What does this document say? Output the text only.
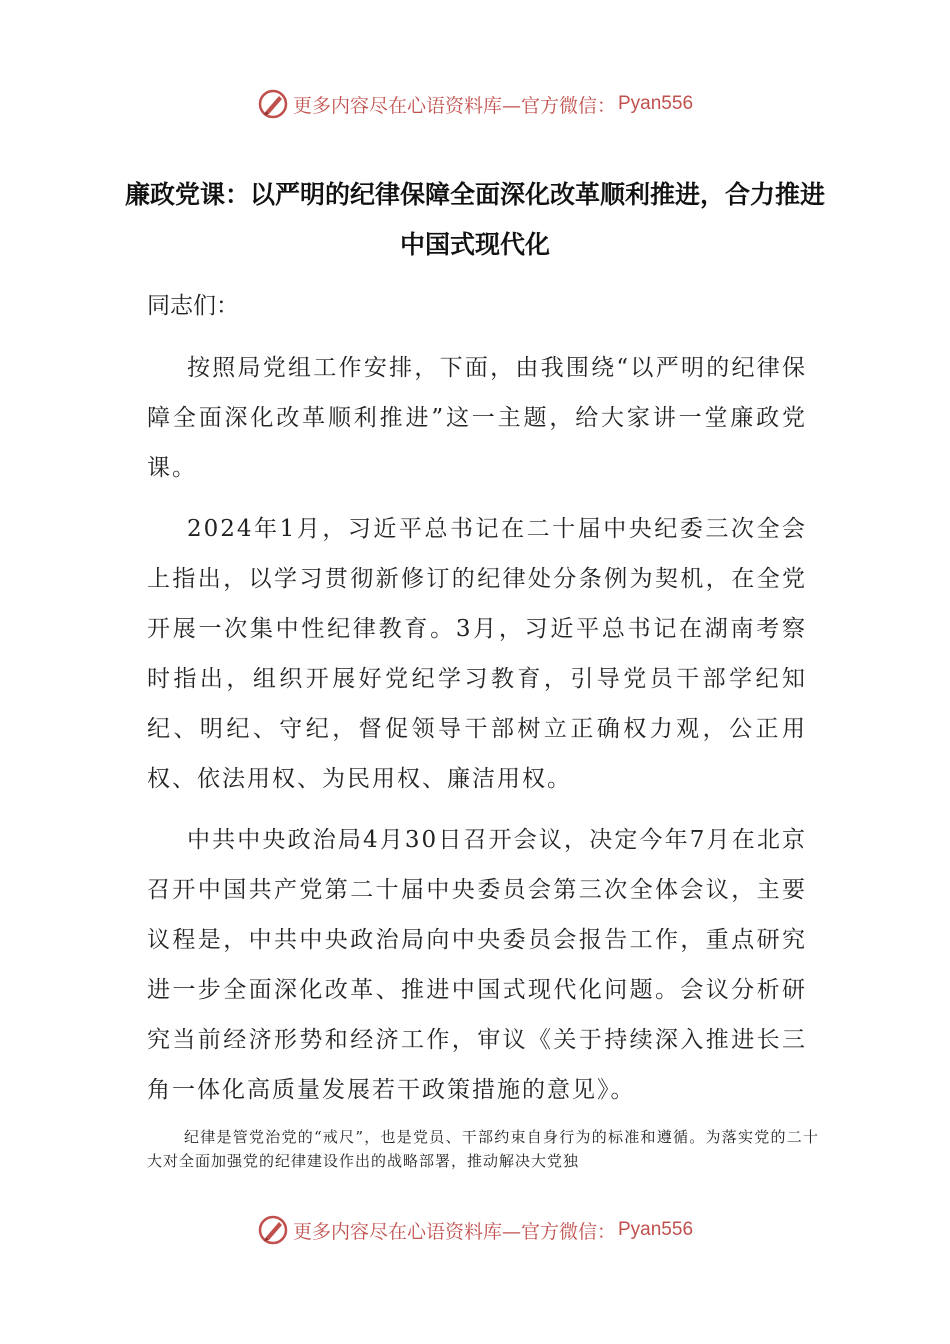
更多内容尽在心语资料库—官方微信： Pyan556
廉政党课：以严明的纪律保障全面深化改革顺利推进，合力推进中国式现代化
同志们：
按照局党组工作安排，下面，由我围绕“以严明的纪律保障全面深化改革顺利推进”这一主题，给大家讲一堂廉政党课。
2024年1月，习近平总书记在二十届中央纪委三次全会上指出，以学习贯彻新修订的纪律处分条例为契机，在全党开展一次集中性纪律教育。3月，习近平总书记在湖南考察时指出，组织开展好党纪学习教育，引导党员干部学纪知纪、明纪、守纪，督促领导干部树立正确权力观，公正用权、依法用权、为民用权、廉洁用权。
中共中央政治局4月30日召开会议，决定今年7月在北京召开中国共产党第二十届中央委员会第三次全体会议，主要议程是，中共中央政治局向中央委员会报告工作，重点研究进一步全面深化改革、推进中国式现代化问题。会议分析研究当前经济形势和经济工作，审议《关于持续深入推进长三角一体化高质量发展若干政策措施的意见》。
纪律是管党治党的“戒尺”，也是党员、干部约束自身行为的标准和遵循。为落实党的二十大对全面加强党的纪律建设作出的战略部署，推动解决大党独
更多内容尽在心语资料库—官方微信： Pyan556
